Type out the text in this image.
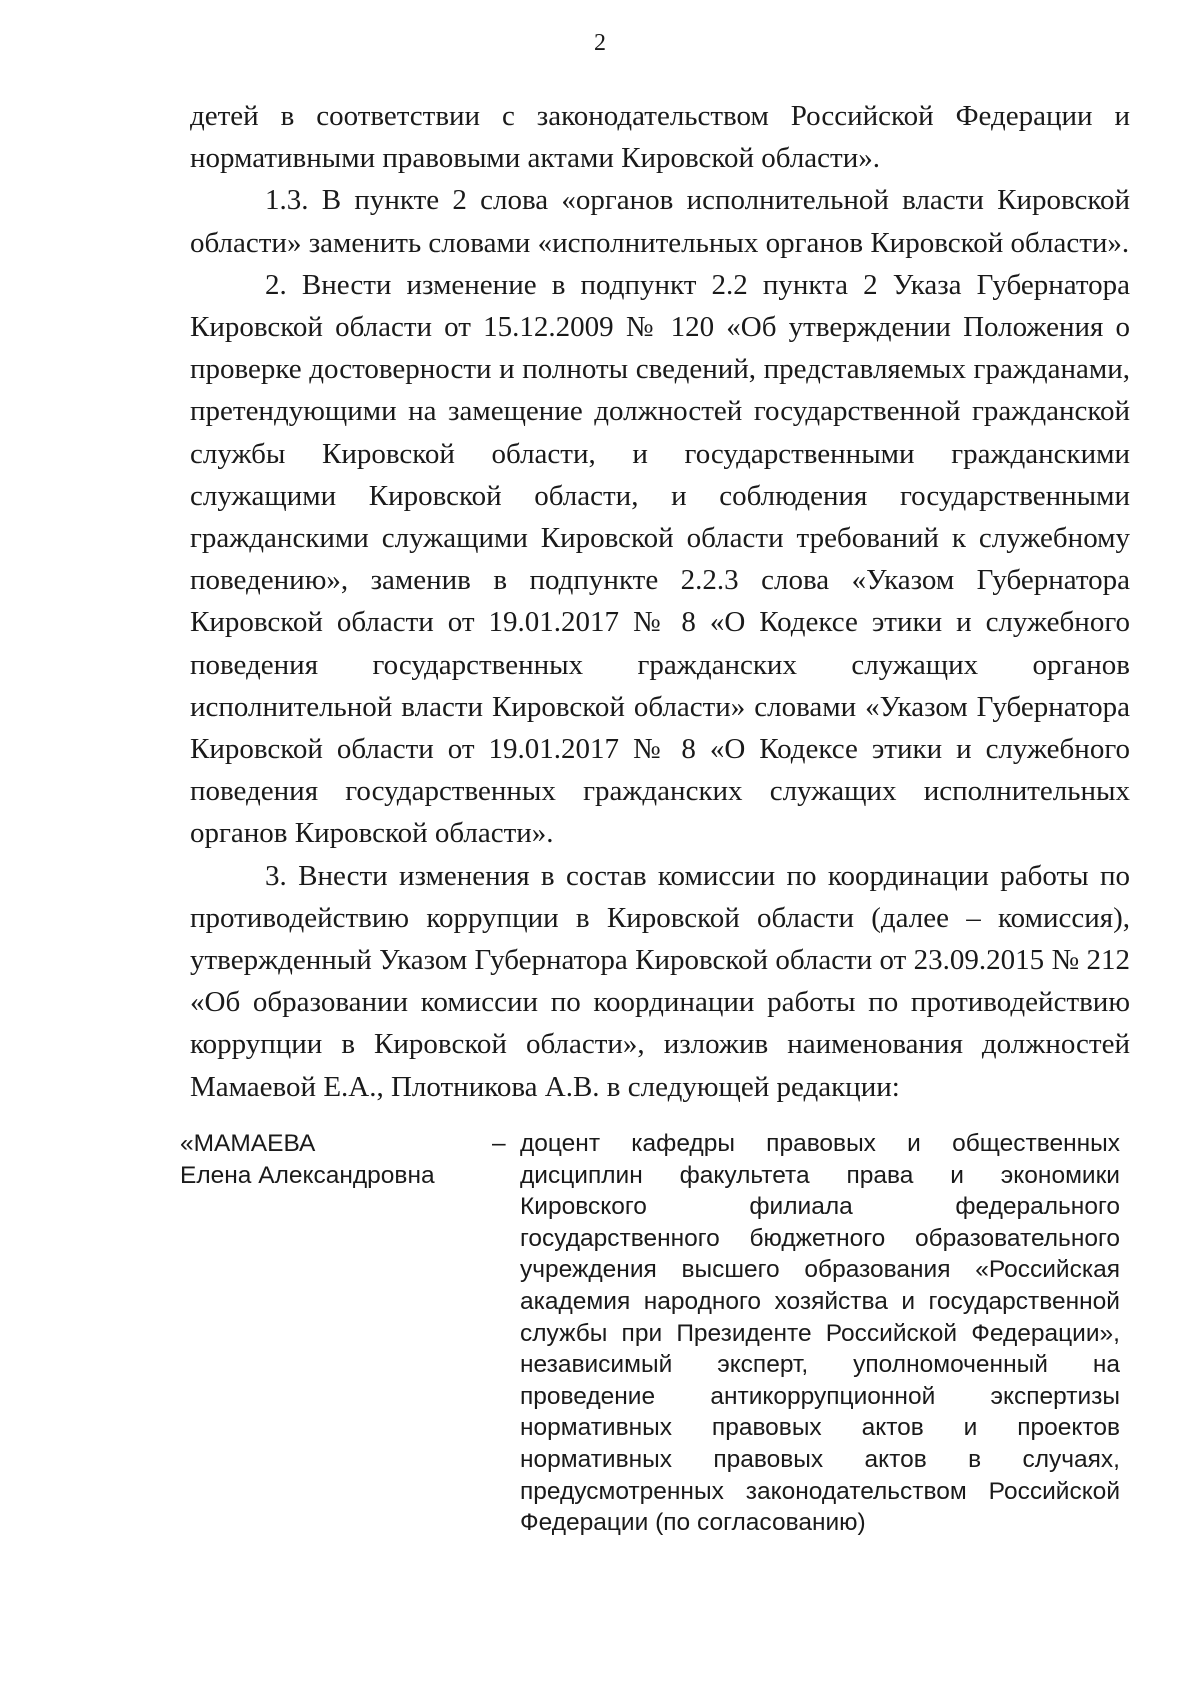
2

детей в соответствии с законодательством Российской Федерации и нормативными правовыми актами Кировской области».

1.3. В пункте 2 слова «органов исполнительной власти Кировской области» заменить словами «исполнительных органов Кировской области».

2. Внести изменение в подпункт 2.2 пункта 2 Указа Губернатора Кировской области от 15.12.2009 № 120 «Об утверждении Положения о проверке достоверности и полноты сведений, представляемых гражданами, претендующими на замещение должностей государственной гражданской службы Кировской области, и государственными гражданскими служащими Кировской области, и соблюдения государственными гражданскими служащими Кировской области требований к служебному поведению», заменив в подпункте 2.2.3 слова «Указом Губернатора Кировской области от 19.01.2017 № 8 «О Кодексе этики и служебного поведения государственных гражданских служащих органов исполнительной власти Кировской области» словами «Указом Губернатора Кировской области от 19.01.2017 № 8 «О Кодексе этики и служебного поведения государственных гражданских служащих исполнительных органов Кировской области».

3. Внести изменения в состав комиссии по координации работы по противодействию коррупции в Кировской области (далее – комиссия), утвержденный Указом Губернатора Кировской области от 23.09.2015 № 212 «Об образовании комиссии по координации работы по противодействию коррупции в Кировской области», изложив наименования должностей Мамаевой Е.А., Плотникова А.В. в следующей редакции:

«МАМАЕВА
Елена Александровна
– доцент кафедры правовых и общественных дисциплин факультета права и экономики Кировского филиала федерального государственного бюджетного образовательного учреждения высшего образования «Российская академия народного хозяйства и государственной службы при Президенте Российской Федерации», независимый эксперт, уполномоченный на проведение антикоррупционной экспертизы нормативных правовых актов и проектов нормативных правовых актов в случаях, предусмотренных законодательством Российской Федерации (по согласованию)
